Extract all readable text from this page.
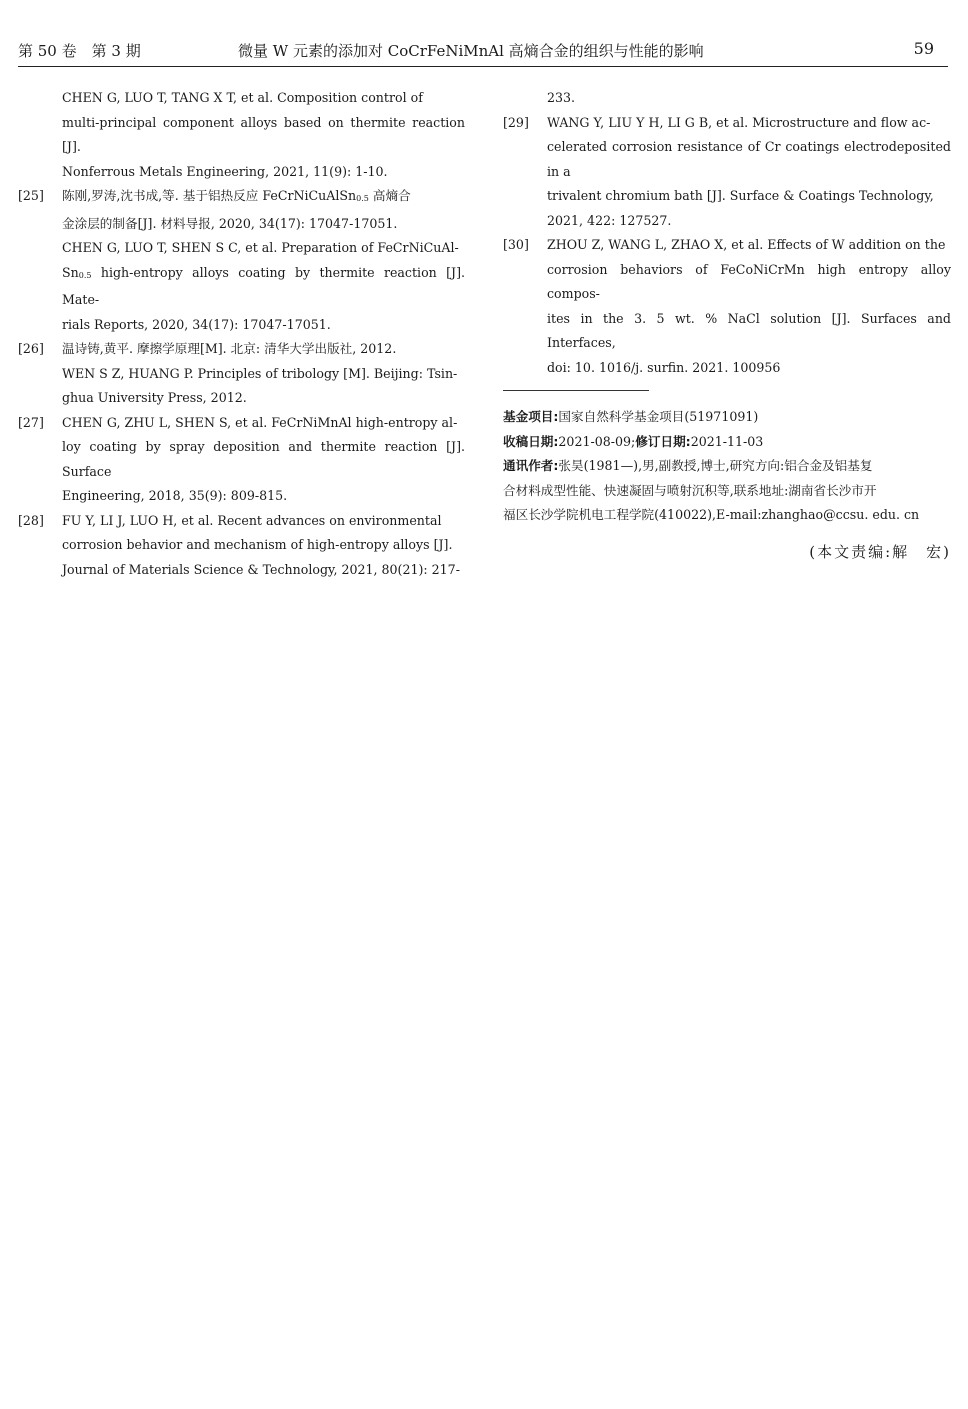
第 50 卷　第 3 期	微量 W 元素的添加对 CoCrFeNiMnAl 高熵合金的组织与性能的影响	59

CHEN G, LUO T, TANG X T, et al. Composition control of

multi-principal component alloys based on thermite reaction [J].

Nonferrous Metals Engineering, 2021, 11(9): 1-10.

[25] 陈刚,罗涛,沈书成,等. 基于铝热反应 FeCrNiCuAlSn$_{0.5}$ 高熵合

金涂层的制备[J]. 材料导报, 2020, 34(17): 17047-17051.

CHEN G, LUO T, SHEN S C, et al. Preparation of FeCrNiCuAl-

$Sn_{0.5}$ high-entropy alloys coating by thermite reaction [J]. Mate-

rials Reports, 2020, 34(17): 17047-17051.

[26] 温诗铸,黄平. 摩擦学原理[M]. 北京: 清华大学出版社, 2012.

WEN S Z, HUANG P. Principles of tribology [M]. Beijing: Tsin-

ghua University Press, 2012.

[27] CHEN G, ZHU L, SHEN S, et al. FeCrNiMnAl high-entropy al-

loy coating by spray deposition and thermite reaction [J]. Surface

Engineering, 2018, 35(9): 809-815.

[28] FU Y, LI J, LUO H, et al. Recent advances on environmental

corrosion behavior and mechanism of high-entropy alloys [J].

Journal of Materials Science & Technology, 2021, 80(21): 217-

233.

[29] WANG Y, LIU Y H, LI G B, et al. Microstructure and flow ac-

celerated corrosion resistance of Cr coatings electrodeposited in a

trivalent chromium bath [J]. Surface & Coatings Technology,

2021, 422: 127527.

[30] ZHOU Z, WANG L, ZHAO X, et al. Effects of W addition on the

corrosion behaviors of FeCoNiCrMn high entropy alloy compos-

ites in the 3. 5 wt. % NaCl solution [J]. Surfaces and Interfaces,

doi: 10. 1016/j. surfin. 2021. 100956

基金项目:国家自然科学基金项目(51971091)

收稿日期:2021-08-09;修订日期:2021-11-03

通讯作者:张昊(1981—),男,副教授,博士,研究方向:铝合金及铝基复

合材料成型性能、快速凝固与喷射沉积等,联系地址:湖南省长沙市开

福区长沙学院机电工程学院(410022),E-mail:zhanghao@ccsu. edu. cn

(本文责编:解　宏)
